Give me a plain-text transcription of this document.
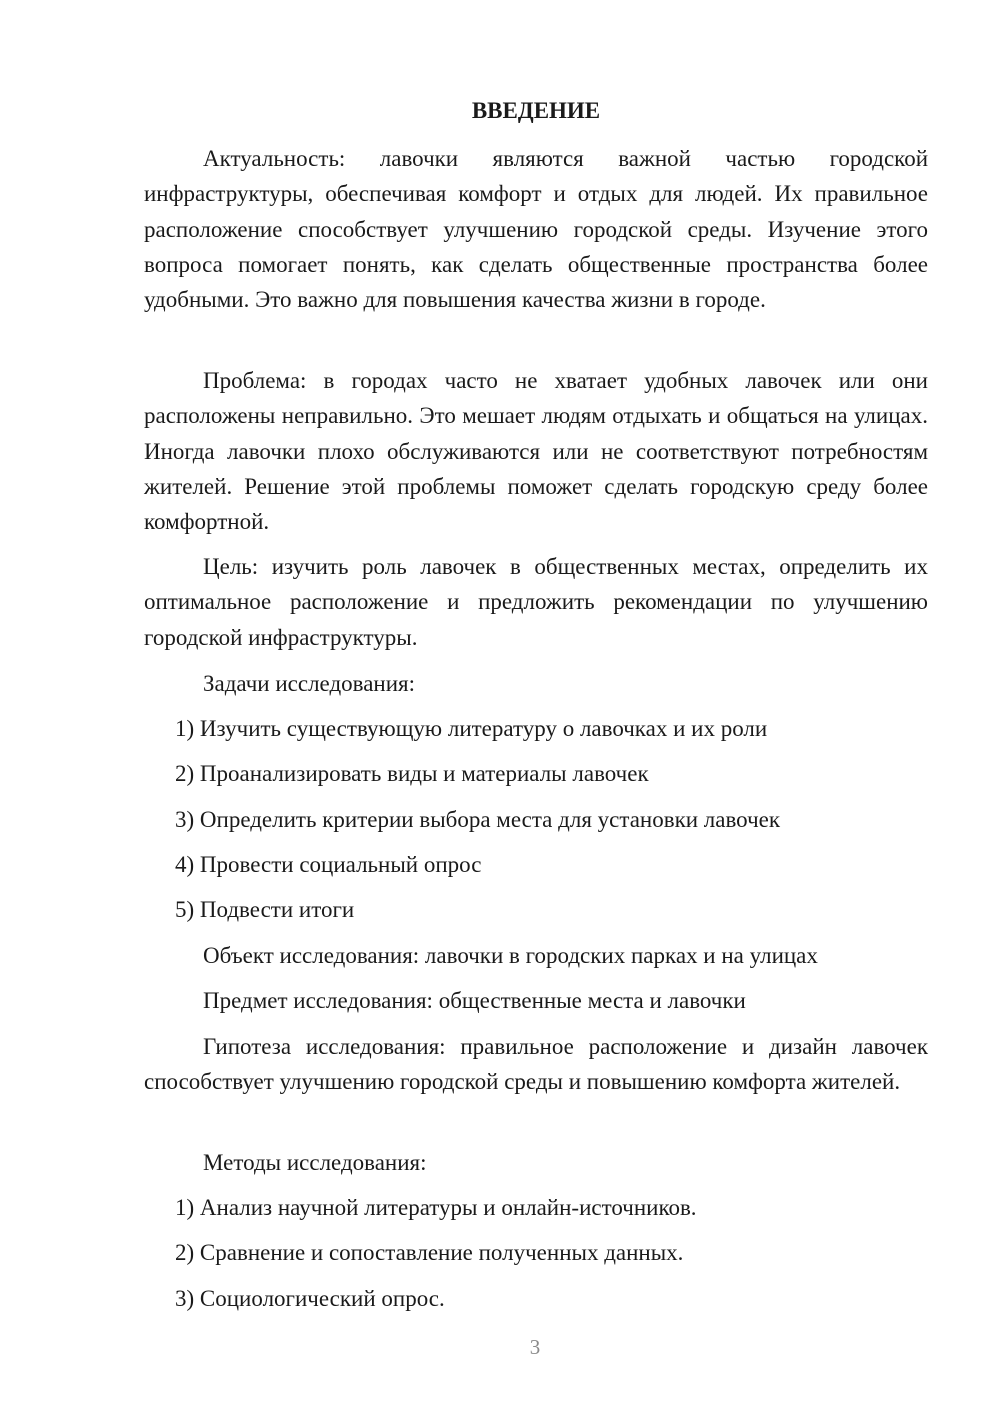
ВВЕДЕНИЕ

Актуальность: лавочки являются важной частью городской инфраструктуры, обеспечивая комфорт и отдых для людей. Их правильное расположение способствует улучшению городской среды. Изучение этого вопроса помогает понять, как сделать общественные пространства более удобными. Это важно для повышения качества жизни в городе.

Проблема: в городах часто не хватает удобных лавочек или они расположены неправильно. Это мешает людям отдыхать и общаться на улицах. Иногда лавочки плохо обслуживаются или не соответствуют потребностям жителей. Решение этой проблемы поможет сделать городскую среду более комфортной.

Цель: изучить роль лавочек в общественных местах, определить их оптимальное расположение и предложить рекомендации по улучшению городской инфраструктуры.

Задачи исследования:

1) Изучить существующую литературу о лавочках и их роли

2) Проанализировать виды и материалы лавочек

3) Определить критерии выбора места для установки лавочек

4) Провести социальный опрос

5) Подвести итоги

Объект исследования: лавочки в городских парках и на улицах

Предмет исследования: общественные места и лавочки

Гипотеза исследования: правильное расположение и дизайн лавочек способствует улучшению городской среды и повышению комфорта жителей.

Методы исследования:

1) Анализ научной литературы и онлайн-источников.

2) Сравнение и сопоставление полученных данных.

3) Социологический опрос.

3
